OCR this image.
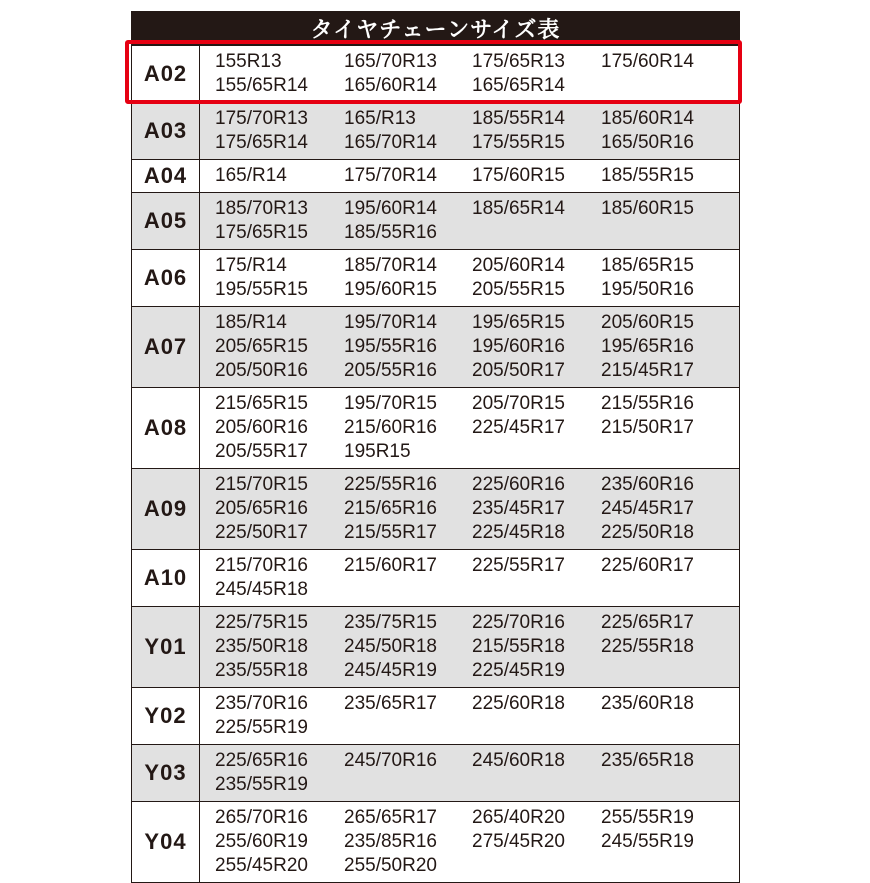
タイヤチェーンサイズ表
A02	155R13	165/70R13	175/65R13	175/60R14
155/65R14	165/60R14	165/65R14
A03	175/70R13	165/R13	185/55R14	185/60R14
175/65R14	165/70R14	175/55R15	165/50R16
A04	165/R14	175/70R14	175/60R15	185/55R15
A05	185/70R13	195/60R14	185/65R14	185/60R15
175/65R15	185/55R16
A06	175/R14	185/70R14	205/60R14	185/65R15
195/55R15	195/60R15	205/55R15	195/50R16
A07
185/R14	195/70R14	195/65R15	205/60R15
205/65R15	195/55R16	195/60R16	195/65R16
205/50R16	205/55R16	205/50R17	215/45R17
A08
215/65R15	195/70R15	205/70R15	215/55R16
205/60R16	215/60R16	225/45R17	215/50R17
205/55R17	195R15
A09
215/70R15	225/55R16	225/60R16	235/60R16
205/65R16	215/65R16	235/45R17	245/45R17
225/50R17	215/55R17	225/45R18	225/50R18
A10	215/70R16	215/60R17	225/55R17	225/60R17
245/45R18
Y01
225/75R15	235/75R15	225/70R16	225/65R17
235/50R18	245/50R18	215/55R18	225/55R18
235/55R18	245/45R19	225/45R19
Y02	235/70R16	235/65R17	225/60R18	235/60R18
225/55R19
Y03	225/65R16	245/70R16	245/60R18	235/65R18
235/55R19
Y04
265/70R16	265/65R17	265/40R20	255/55R19
255/60R19	235/85R16	275/45R20	245/55R19
255/45R20	255/50R20
